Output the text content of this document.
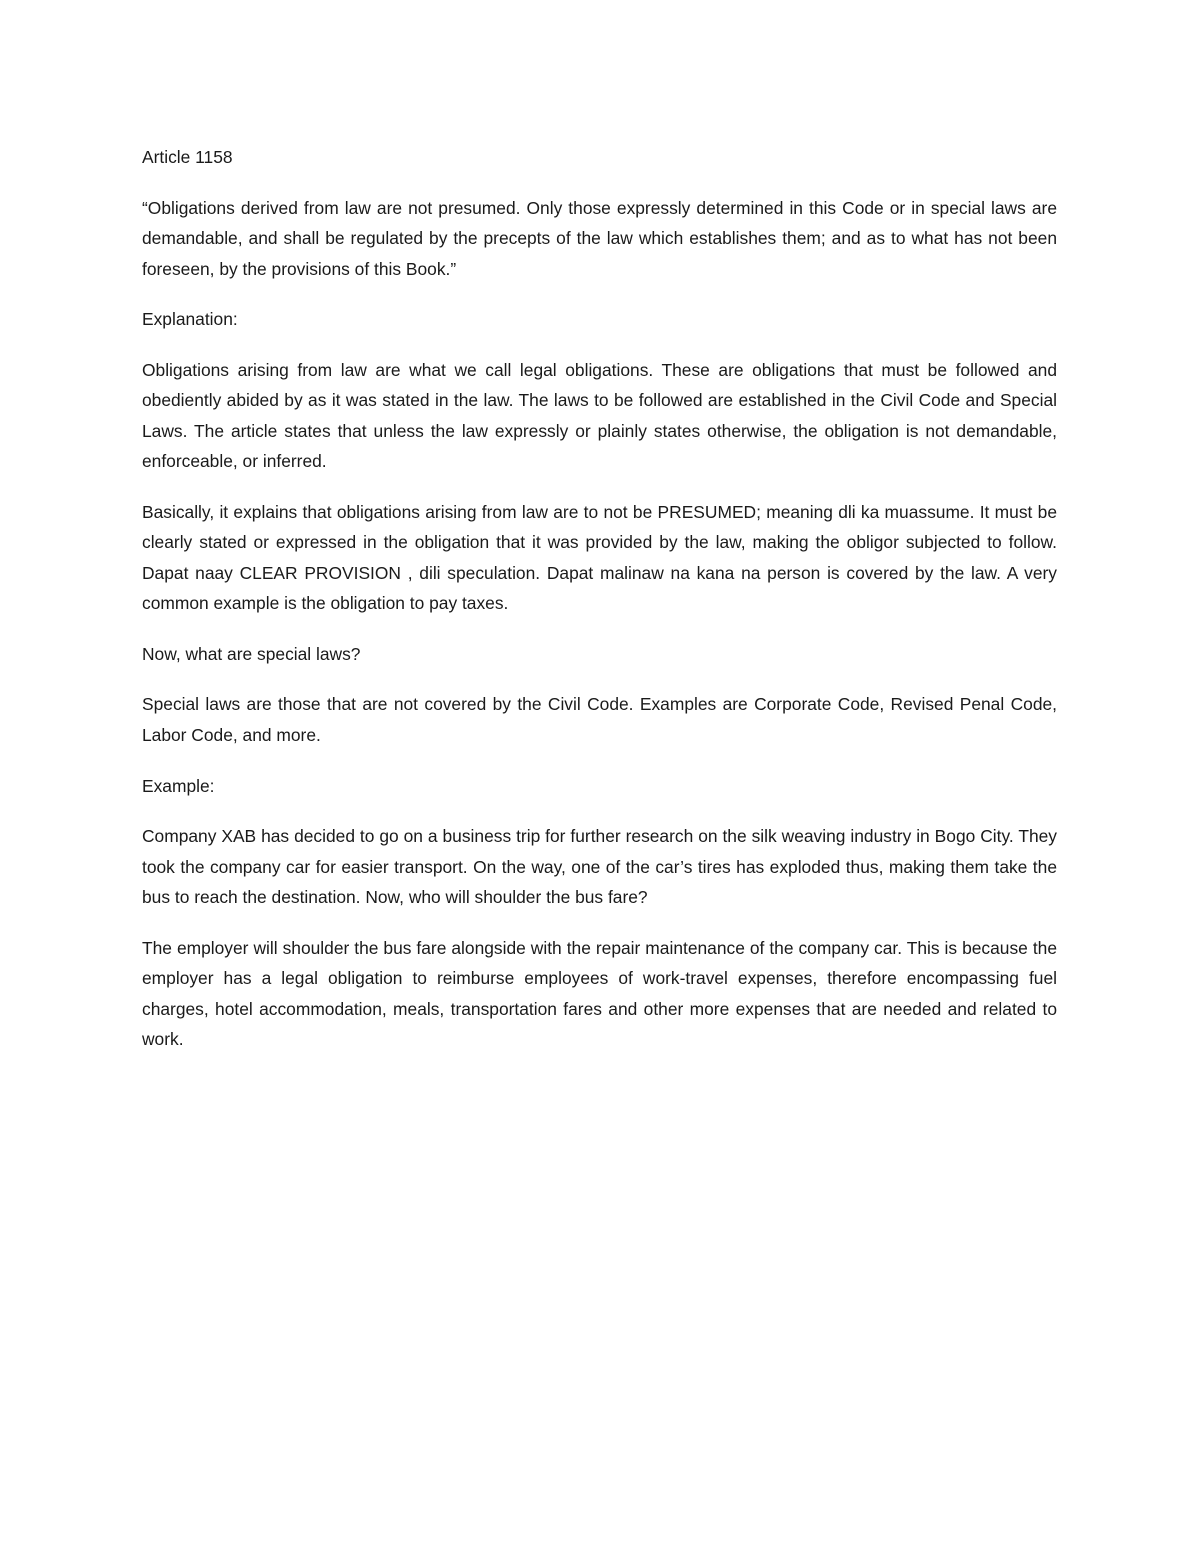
Article 1158

“Obligations derived from law are not presumed. Only those expressly determined in this Code or in special laws are demandable, and shall be regulated by the precepts of the law which establishes them; and as to what has not been foreseen, by the provisions of this Book.”

Explanation:

Obligations arising from law are what we call legal obligations. These are obligations that must be followed and obediently abided by as it was stated in the law. The laws to be followed are established in the Civil Code and Special Laws. The article states that unless the law expressly or plainly states otherwise, the obligation is not demandable, enforceable, or inferred.

Basically, it explains that obligations arising from law are to not be PRESUMED; meaning dli ka muassume. It must be clearly stated or expressed in the obligation that it was provided by the law, making the obligor subjected to follow. Dapat naay CLEAR PROVISION , dili speculation. Dapat malinaw na kana na person is covered by the law. A very common example is the obligation to pay taxes.

Now, what are special laws?

Special laws are those that are not covered by the Civil Code. Examples are Corporate Code, Revised Penal Code, Labor Code, and more.

Example:

Company XAB has decided to go on a business trip for further research on the silk weaving industry in Bogo City. They took the company car for easier transport. On the way, one of the car’s tires has exploded thus, making them take the bus to reach the destination. Now, who will shoulder the bus fare?

The employer will shoulder the bus fare alongside with the repair maintenance of the company car. This is because the employer has a legal obligation to reimburse employees of work-travel expenses, therefore encompassing fuel charges, hotel accommodation, meals, transportation fares and other more expenses that are needed and related to work.
